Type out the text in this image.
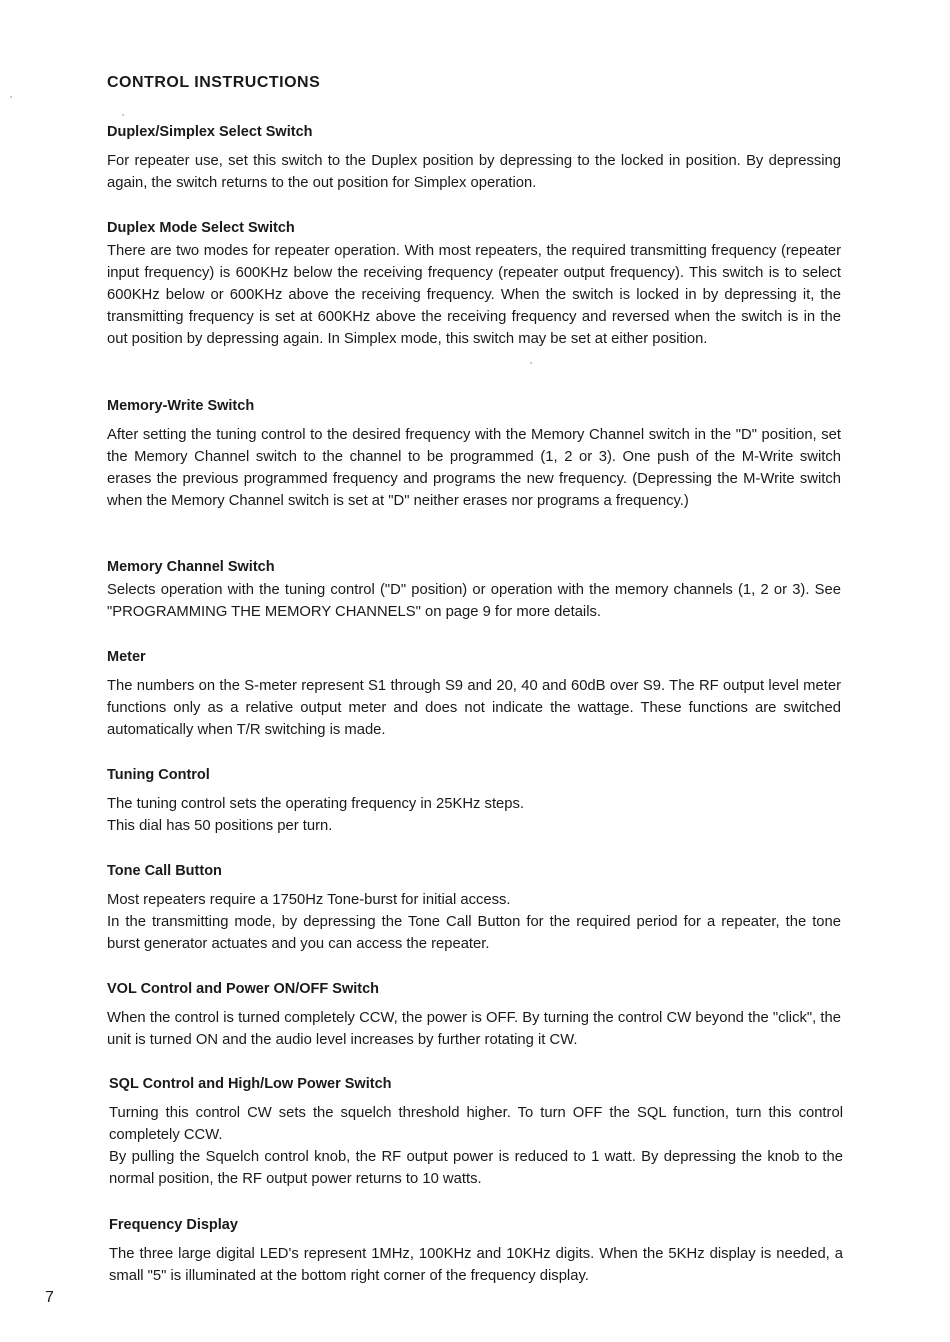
CONTROL INSTRUCTIONS
Duplex/Simplex Select Switch

For repeater use, set this switch to the Duplex position by depressing to the locked in position. By depressing again, the switch returns to the out position for Simplex operation.

Duplex Mode Select Switch

There are two modes for repeater operation. With most repeaters, the required transmitting frequency (repeater input frequency) is 600KHz below the receiving frequency (repeater output frequency). This switch is to select 600KHz below or 600KHz above the receiving frequency. When the switch is locked in by depressing it, the transmitting frequency is set at 600KHz above the receiving frequency and reversed when the switch is in the out position by depressing again. In Simplex mode, this switch may be set at either position.

Memory-Write Switch

After setting the tuning control to the desired frequency with the Memory Channel switch in the "D" position, set the Memory Channel switch to the channel to be programmed (1, 2 or 3). One push of the M-Write switch erases the previous programmed frequency and programs the new frequency. (Depressing the M-Write switch when the Memory Channel switch is set at "D" neither erases nor programs a frequency.)

Memory Channel Switch

Selects operation with the tuning control ("D" position) or operation with the memory channels (1, 2 or 3). See "PROGRAMMING THE MEMORY CHANNELS" on page 9 for more details.

Meter

The numbers on the S-meter represent S1 through S9 and 20, 40 and 60dB over S9. The RF output level meter functions only as a relative output meter and does not indicate the wattage. These functions are switched automatically when T/R switching is made.

Tuning Control

The tuning control sets the operating frequency in 25KHz steps.

This dial has 50 positions per turn.

Tone Call Button

Most repeaters require a 1750Hz Tone-burst for initial access.

In the transmitting mode, by depressing the Tone Call Button for the required period for a repeater, the tone burst generator actuates and you can access the repeater.

VOL Control and Power ON/OFF Switch

When the control is turned completely CCW, the power is OFF. By turning the control CW beyond the "click", the unit is turned ON and the audio level increases by further rotating it CW.

SQL Control and High/Low Power Switch

Turning this control CW sets the squelch threshold higher. To turn OFF the SQL function, turn this control completely CCW.

By pulling the Squelch control knob, the RF output power is reduced to 1 watt. By depressing the knob to the normal position, the RF output power returns to 10 watts.

Frequency Display

The three large digital LED's represent 1MHz, 100KHz and 10KHz digits. When the 5KHz display is needed, a small "5" is illuminated at the bottom right corner of the frequency display.

7
